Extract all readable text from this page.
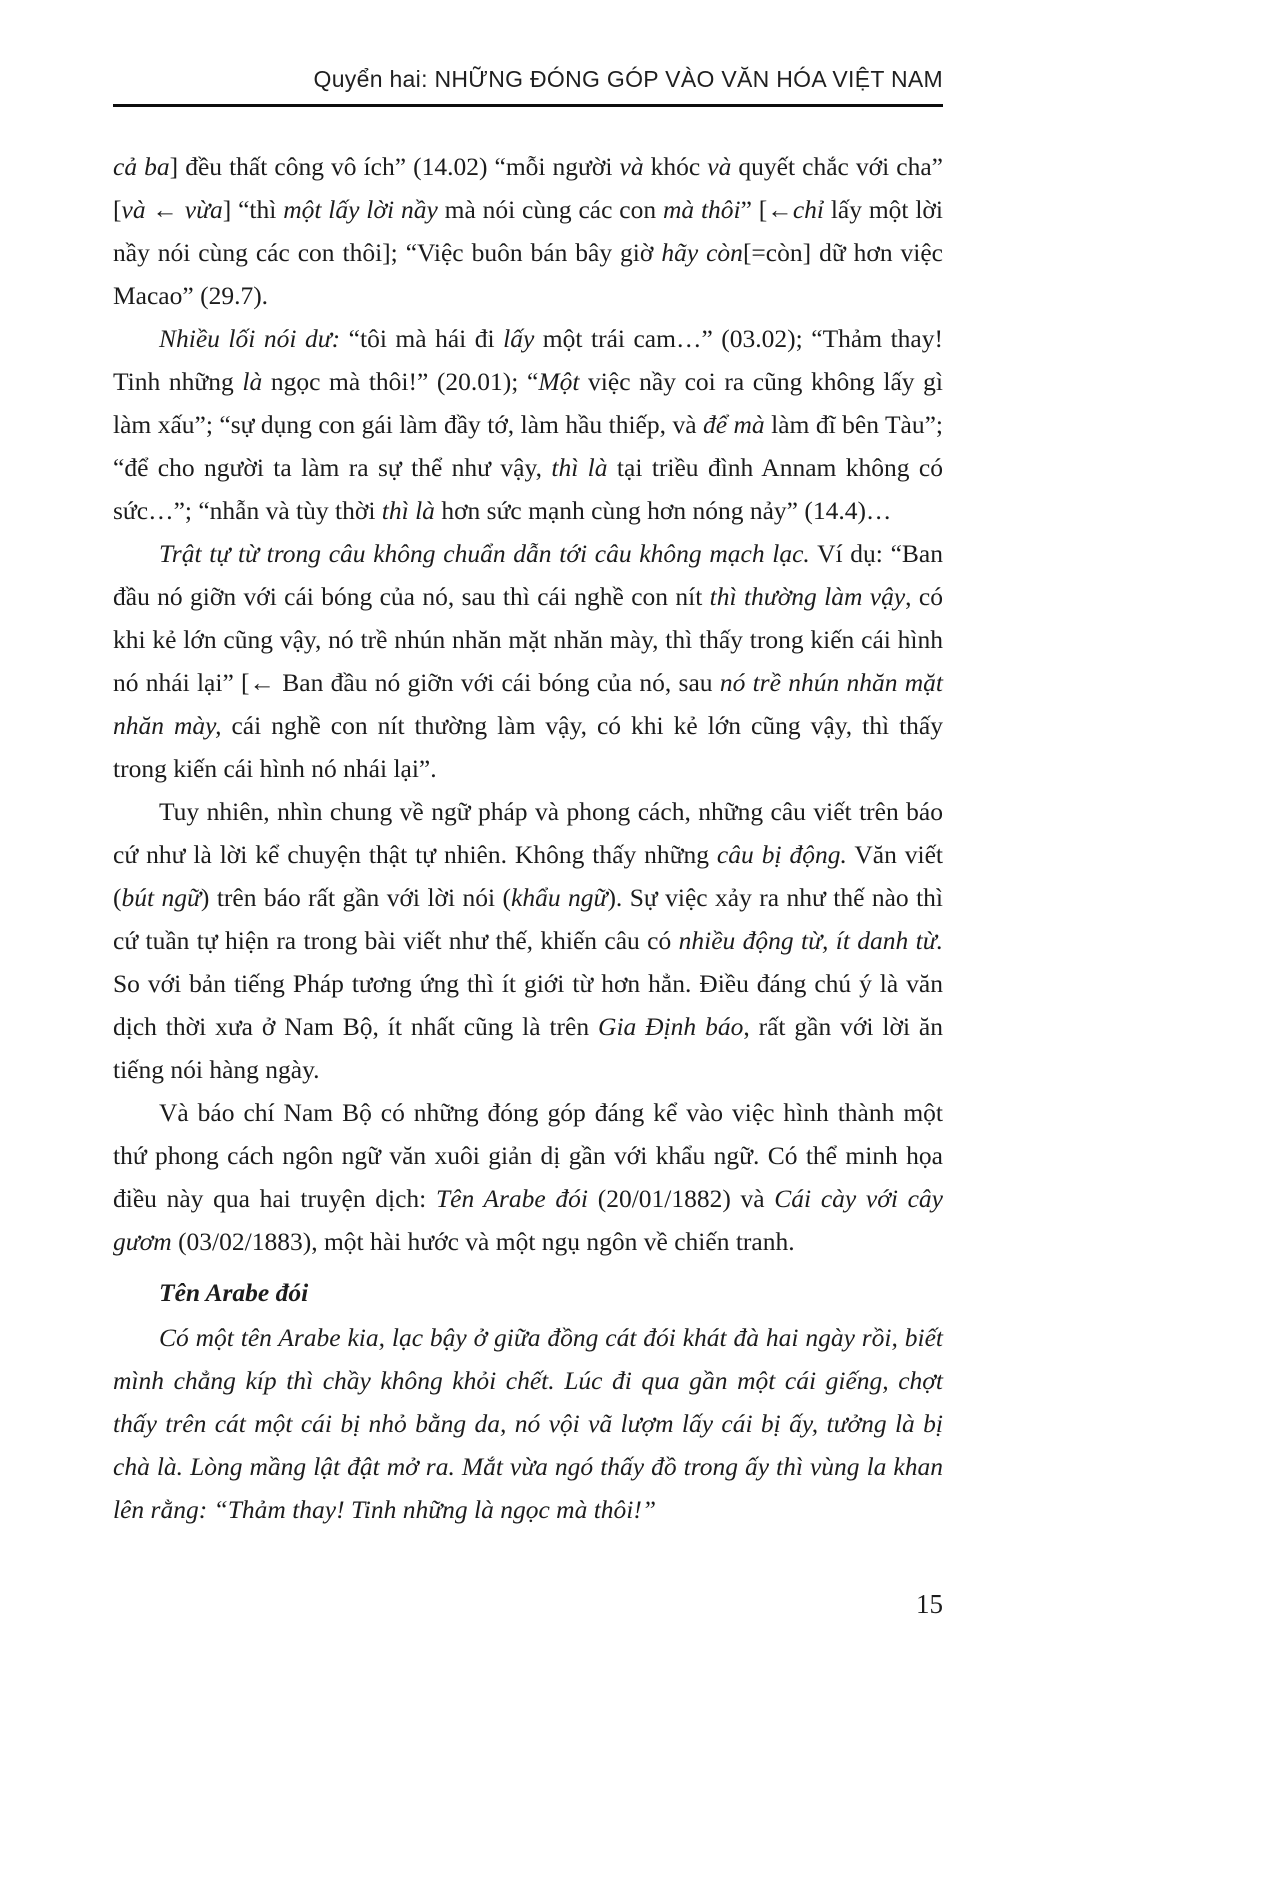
Quyển hai: NHỮNG ĐÓNG GÓP VÀO VĂN HÓA VIỆT NAM

cả ba] đều thất công vô ích” (14.02) “mỗi người và khóc và quyết chắc với cha” [và ← vừa] “thì một lấy lời nầy mà nói cùng các con mà thôi” [←chỉ lấy một lời nầy nói cùng các con thôi]; “Việc buôn bán bây giờ hãy còn[=còn] dữ hơn việc Macao” (29.7).

Nhiều lối nói dư: “tôi mà hái đi lấy một trái cam…” (03.02); “Thảm thay! Tinh những là ngọc mà thôi!” (20.01); “Một việc nầy coi ra cũng không lấy gì làm xấu”; “sự dụng con gái làm đầy tớ, làm hầu thiếp, và để mà làm đĩ bên Tàu”; “để cho người ta làm ra sự thể như vậy, thì là tại triều đình Annam không có sức…”; “nhẫn và tùy thời thì là hơn sức mạnh cùng hơn nóng nảy” (14.4)…

Trật tự từ trong câu không chuẩn dẫn tới câu không mạch lạc. Ví dụ: “Ban đầu nó giỡn với cái bóng của nó, sau thì cái nghề con nít thì thường làm vậy, có khi kẻ lớn cũng vậy, nó trề nhún nhăn mặt nhăn mày, thì thấy trong kiến cái hình nó nhái lại” [← Ban đầu nó giỡn với cái bóng của nó, sau nó trề nhún nhăn mặt nhăn mày, cái nghề con nít thường làm vậy, có khi kẻ lớn cũng vậy, thì thấy trong kiến cái hình nó nhái lại”.

Tuy nhiên, nhìn chung về ngữ pháp và phong cách, những câu viết trên báo cứ như là lời kể chuyện thật tự nhiên. Không thấy những câu bị động. Văn viết (bút ngữ) trên báo rất gần với lời nói (khẩu ngữ). Sự việc xảy ra như thế nào thì cứ tuần tự hiện ra trong bài viết như thế, khiến câu có nhiều động từ, ít danh từ. So với bản tiếng Pháp tương ứng thì ít giới từ hơn hẳn. Điều đáng chú ý là văn dịch thời xưa ở Nam Bộ, ít nhất cũng là trên Gia Định báo, rất gần với lời ăn tiếng nói hàng ngày.

Và báo chí Nam Bộ có những đóng góp đáng kể vào việc hình thành một thứ phong cách ngôn ngữ văn xuôi giản dị gần với khẩu ngữ. Có thể minh họa điều này qua hai truyện dịch: Tên Arabe đói (20/01/1882) và Cái cày với cây gươm (03/02/1883), một hài hước và một ngụ ngôn về chiến tranh.

Tên Arabe đói

Có một tên Arabe kia, lạc bậy ở giữa đồng cát đói khát đà hai ngày rồi, biết mình chẳng kíp thì chầy không khỏi chết. Lúc đi qua gần một cái giếng, chợt thấy trên cát một cái bị nhỏ bằng da, nó vội vã lượm lấy cái bị ấy, tưởng là bị chà là. Lòng mầng lật đật mở ra. Mắt vừa ngó thấy đồ trong ấy thì vùng la khan lên rằng: “Thảm thay! Tinh những là ngọc mà thôi!”

15
